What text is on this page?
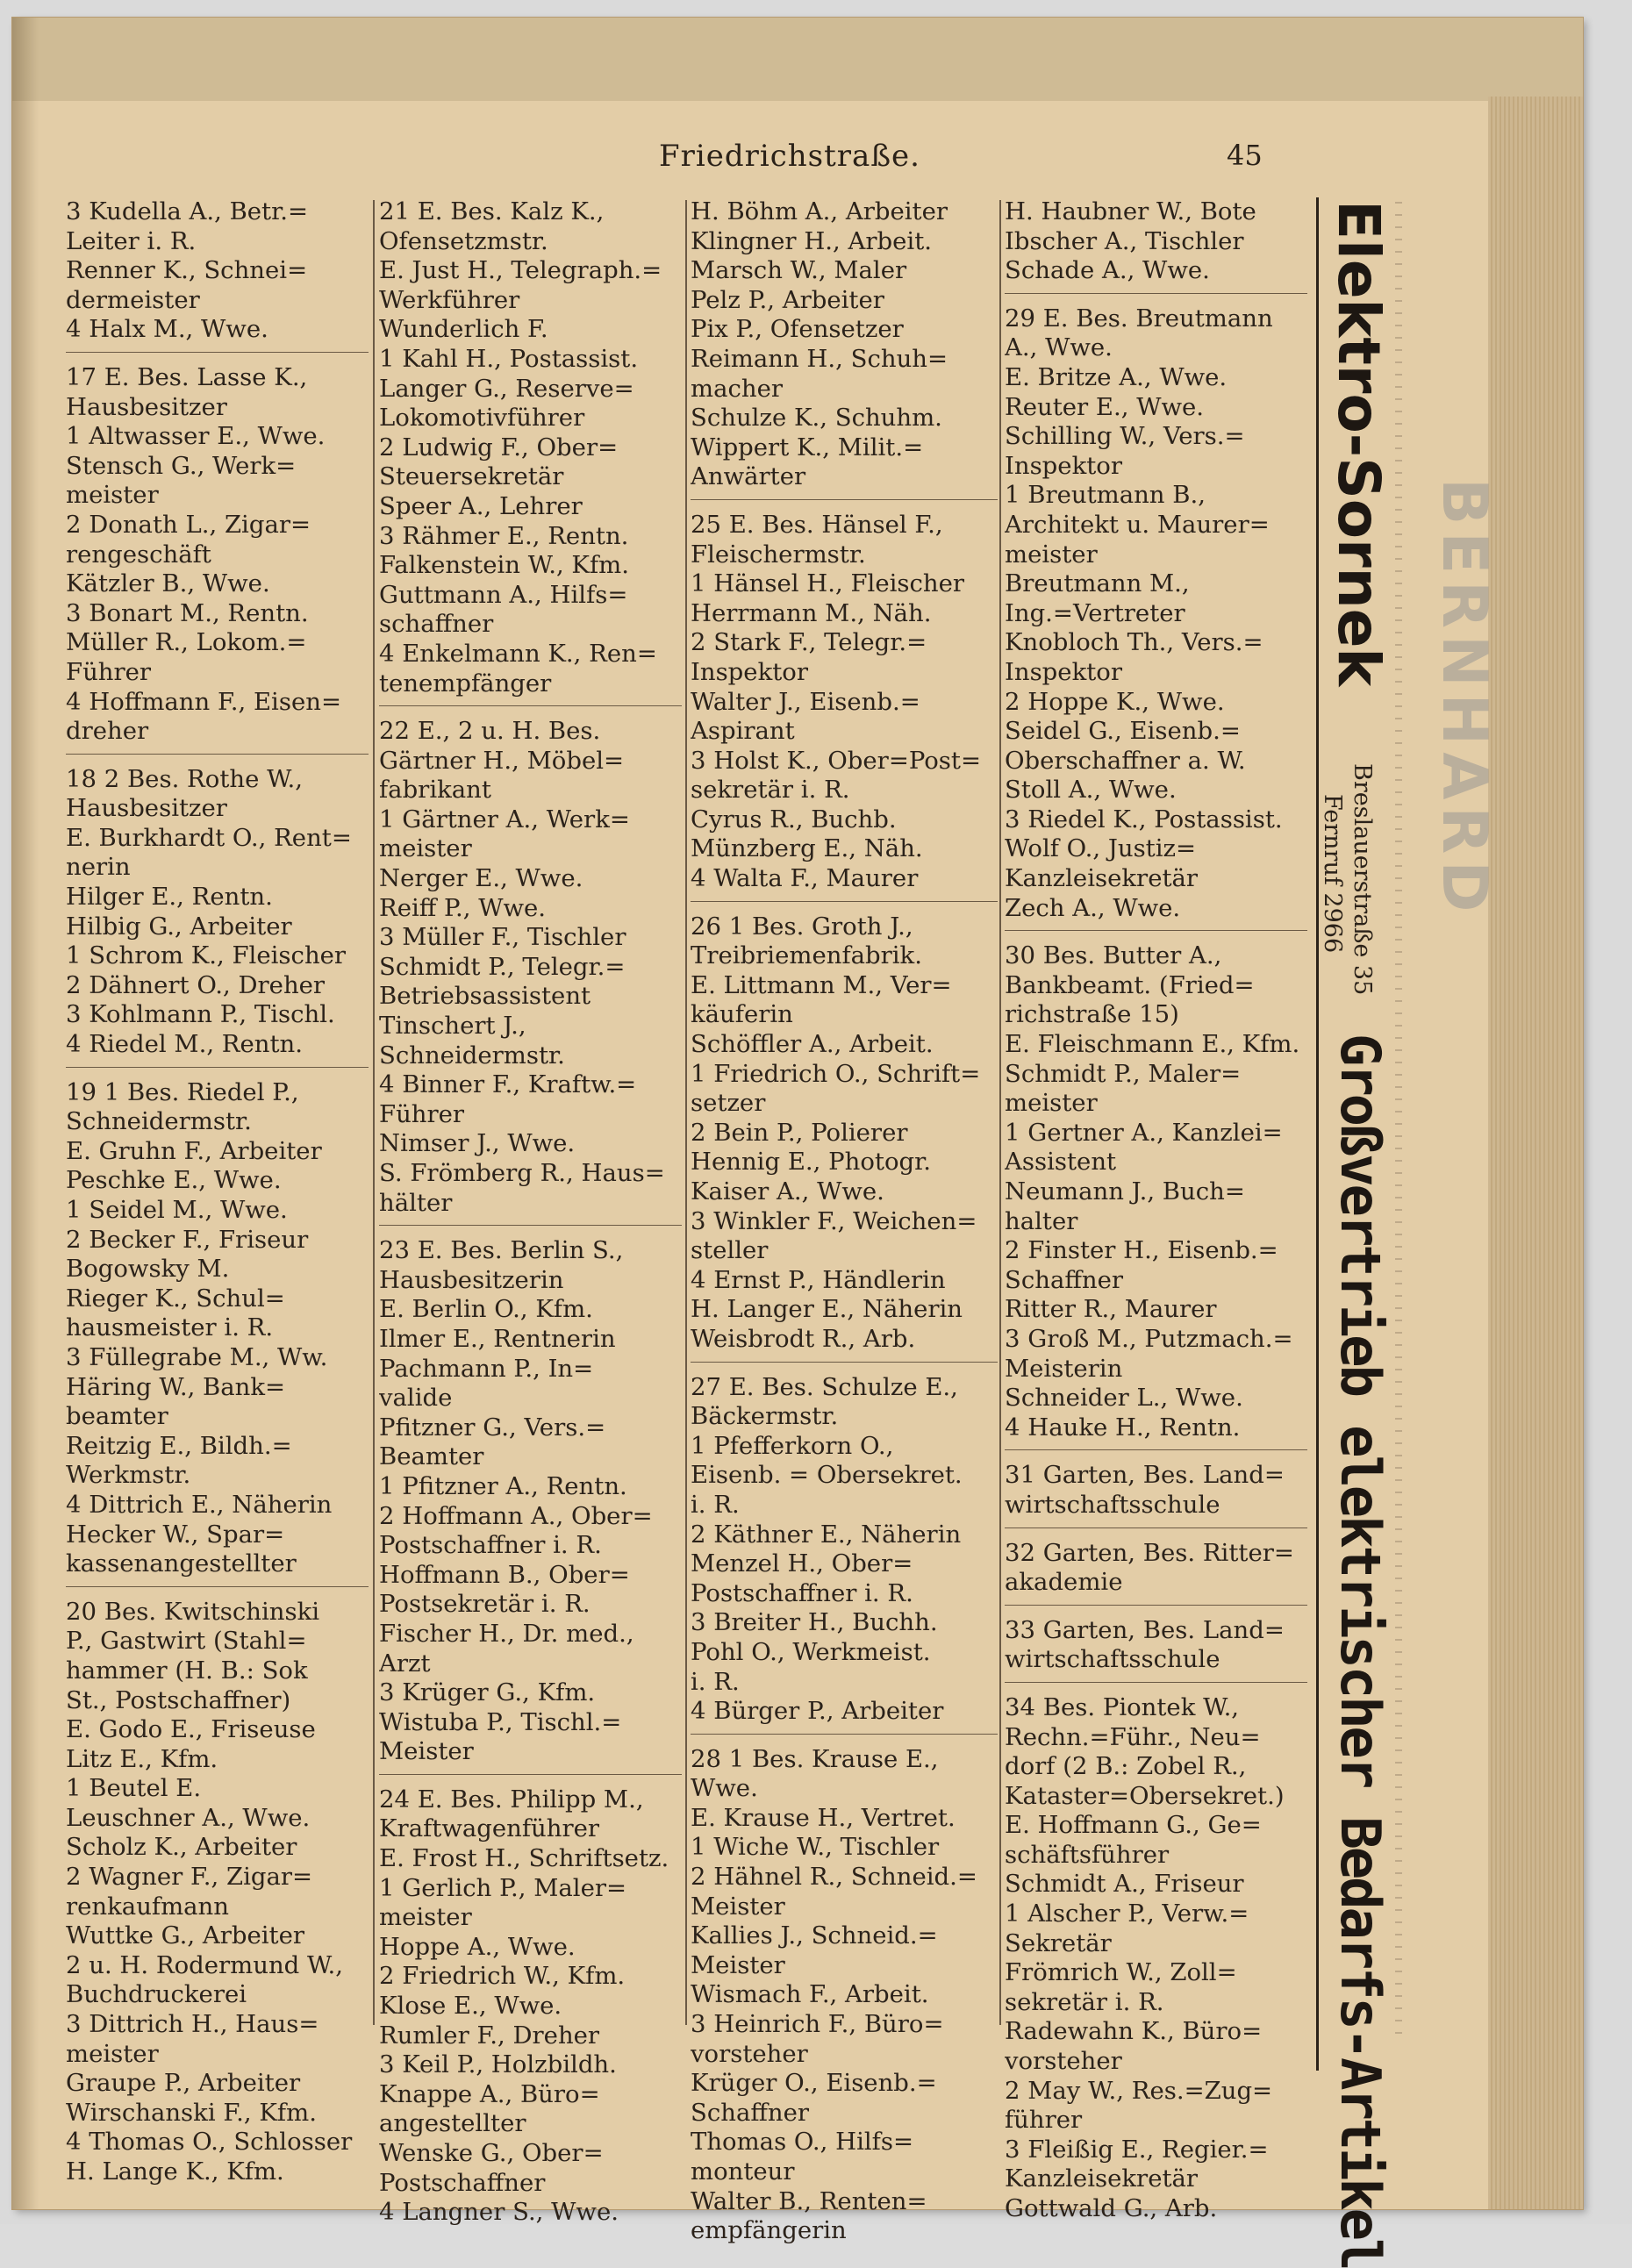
Friedrichstraße.	45
3 Kudella A., Betr.=
Leiter i. R.
Renner K., Schnei=
dermeister
4 Halx M., Wwe.
17 E. Bes. Lasse K.,
Hausbesitzer
1 Altwasser E., Wwe.
Stensch G., Werk=
meister
2 Donath L., Zigar=
rengeschäft
Kätzler B., Wwe.
3 Bonart M., Rentn.
Müller R., Lokom.=
Führer
4 Hoffmann F., Eisen=
dreher
18 2 Bes. Rothe W.,
Hausbesitzer
E. Burkhardt O., Rent=
nerin
Hilger E., Rentn.
Hilbig G., Arbeiter
1 Schrom K., Fleischer
2 Dähnert O., Dreher
3 Kohlmann P., Tischl.
4 Riedel M., Rentn.
19 1 Bes. Riedel P.,
Schneidermstr.
E. Gruhn F., Arbeiter
Peschke E., Wwe.
1 Seidel M., Wwe.
2 Becker F., Friseur
Bogowsky M.
Rieger K., Schul=
hausmeister i. R.
3 Füllegrabe M., Ww.
Häring W., Bank=
beamter
Reitzig E., Bildh.=
Werkmstr.
4 Dittrich E., Näherin
Hecker W., Spar=
kassenangestellter
20 Bes. Kwitschinski
P., Gastwirt (Stahl=
hammer (H. B.: Sok
St., Postschaffner)
E. Godo E., Friseuse
Litz E., Kfm.
1 Beutel E.
Leuschner A., Wwe.
Scholz K., Arbeiter
2 Wagner F., Zigar=
renkaufmann
Wuttke G., Arbeiter
2 u. H. Rodermund W.,
Buchdruckerei
3 Dittrich H., Haus=
meister
Graupe P., Arbeiter
Wirschanski F., Kfm.
4 Thomas O., Schlosser
H. Lange K., Kfm.
21 E. Bes. Kalz K.,
Ofensetzmstr.
E. Just H., Telegraph.=
Werkführer
Wunderlich F.
1 Kahl H., Postassist.
Langer G., Reserve=
Lokomotivführer
2 Ludwig F., Ober=
Steuersekretär
Speer A., Lehrer
3 Rähmer E., Rentn.
Falkenstein W., Kfm.
Guttmann A., Hilfs=
schaffner
4 Enkelmann K., Ren=
tenempfänger
22 E., 2 u. H. Bes.
Gärtner H., Möbel=
fabrikant
1 Gärtner A., Werk=
meister
Nerger E., Wwe.
Reiff P., Wwe.
3 Müller F., Tischler
Schmidt P., Telegr.=
Betriebsassistent
Tinschert J.,
Schneidermstr.
4 Binner F., Kraftw.=
Führer
Nimser J., Wwe.
S. Frömberg R., Haus=
hälter
23 E. Bes. Berlin S.,
Hausbesitzerin
E. Berlin O., Kfm.
Ilmer E., Rentnerin
Pachmann P., In=
valide
Pfitzner G., Vers.=
Beamter
1 Pfitzner A., Rentn.
2 Hoffmann A., Ober=
Postschaffner i. R.
Hoffmann B., Ober=
Postsekretär i. R.
Fischer H., Dr. med.,
Arzt
3 Krüger G., Kfm.
Wistuba P., Tischl.=
Meister
24 E. Bes. Philipp M.,
Kraftwagenführer
E. Frost H., Schriftsetz.
1 Gerlich P., Maler=
meister
Hoppe A., Wwe.
2 Friedrich W., Kfm.
Klose E., Wwe.
Rumler F., Dreher
3 Keil P., Holzbildh.
Knappe A., Büro=
angestellter
Wenske G., Ober=
Postschaffner
4 Langner S., Wwe.
H. Böhm A., Arbeiter
Klingner H., Arbeit.
Marsch W., Maler
Pelz P., Arbeiter
Pix P., Ofensetzer
Reimann H., Schuh=
macher
Schulze K., Schuhm.
Wippert K., Milit.=
Anwärter
25 E. Bes. Hänsel F.,
Fleischermstr.
1 Hänsel H., Fleischer
Herrmann M., Näh.
2 Stark F., Telegr.=
Inspektor
Walter J., Eisenb.=
Aspirant
3 Holst K., Ober=Post=
sekretär i. R.
Cyrus R., Buchb.
Münzberg E., Näh.
4 Walta F., Maurer
26 1 Bes. Groth J.,
Treibriemenfabrik.
E. Littmann M., Ver=
käuferin
Schöffler A., Arbeit.
1 Friedrich O., Schrift=
setzer
2 Bein P., Polierer
Hennig E., Photogr.
Kaiser A., Wwe.
3 Winkler F., Weichen=
steller
4 Ernst P., Händlerin
H. Langer E., Näherin
Weisbrodt R., Arb.
27 E. Bes. Schulze E.,
Bäckermstr.
1 Pfefferkorn O.,
Eisenb. = Obersekret.
i. R.
2 Käthner E., Näherin
Menzel H., Ober=
Postschaffner i. R.
3 Breiter H., Buchh.
Pohl O., Werkmeist.
i. R.
4 Bürger P., Arbeiter
28 1 Bes. Krause E.,
Wwe.
E. Krause H., Vertret.
1 Wiche W., Tischler
2 Hähnel R., Schneid.=
Meister
Kallies J., Schneid.=
Meister
Wismach F., Arbeit.
3 Heinrich F., Büro=
vorsteher
Krüger O., Eisenb.=
Schaffner
Thomas O., Hilfs=
monteur
Walter B., Renten=
empfängerin
H. Haubner W., Bote
Ibscher A., Tischler
Schade A., Wwe.
29 E. Bes. Breutmann
A., Wwe.
E. Britze A., Wwe.
Reuter E., Wwe.
Schilling W., Vers.=
Inspektor
1 Breutmann B.,
Architekt u. Maurer=
meister
Breutmann M.,
Ing.=Vertreter
Knobloch Th., Vers.=
Inspektor
2 Hoppe K., Wwe.
Seidel G., Eisenb.=
Oberschaffner a. W.
Stoll A., Wwe.
3 Riedel K., Postassist.
Wolf O., Justiz=
Kanzleisekretär
Zech A., Wwe.
30 Bes. Butter A.,
Bankbeamt. (Fried=
richstraße 15)
E. Fleischmann E., Kfm.
Schmidt P., Maler=
meister
1 Gertner A., Kanzlei=
Assistent
Neumann J., Buch=
halter
2 Finster H., Eisenb.=
Schaffner
Ritter R., Maurer
3 Groß M., Putzmach.=
Meisterin
Schneider L., Wwe.
4 Hauke H., Rentn.
31 Garten, Bes. Land=
wirtschaftsschule
32 Garten, Bes. Ritter=
akademie
33 Garten, Bes. Land=
wirtschaftsschule
34 Bes. Piontek W.,
Rechn.=Führ., Neu=
dorf (2 B.: Zobel R.,
Kataster=Obersekret.)
E. Hoffmann G., Ge=
schäftsführer
Schmidt A., Friseur
1 Alscher P., Verw.=
Sekretär
Frömrich W., Zoll=
sekretär i. R.
Radewahn K., Büro=
vorsteher
2 May W., Res.=Zug=
führer
3 Fleißig E., Regier.=
Kanzleisekretär
Gottwald G., Arb.
Elektro-Sornek
Breslauerstraße 35
Fernruf 2966
Großvertrieb elektrischer Bedarfs-Artikel
BERNHARD
